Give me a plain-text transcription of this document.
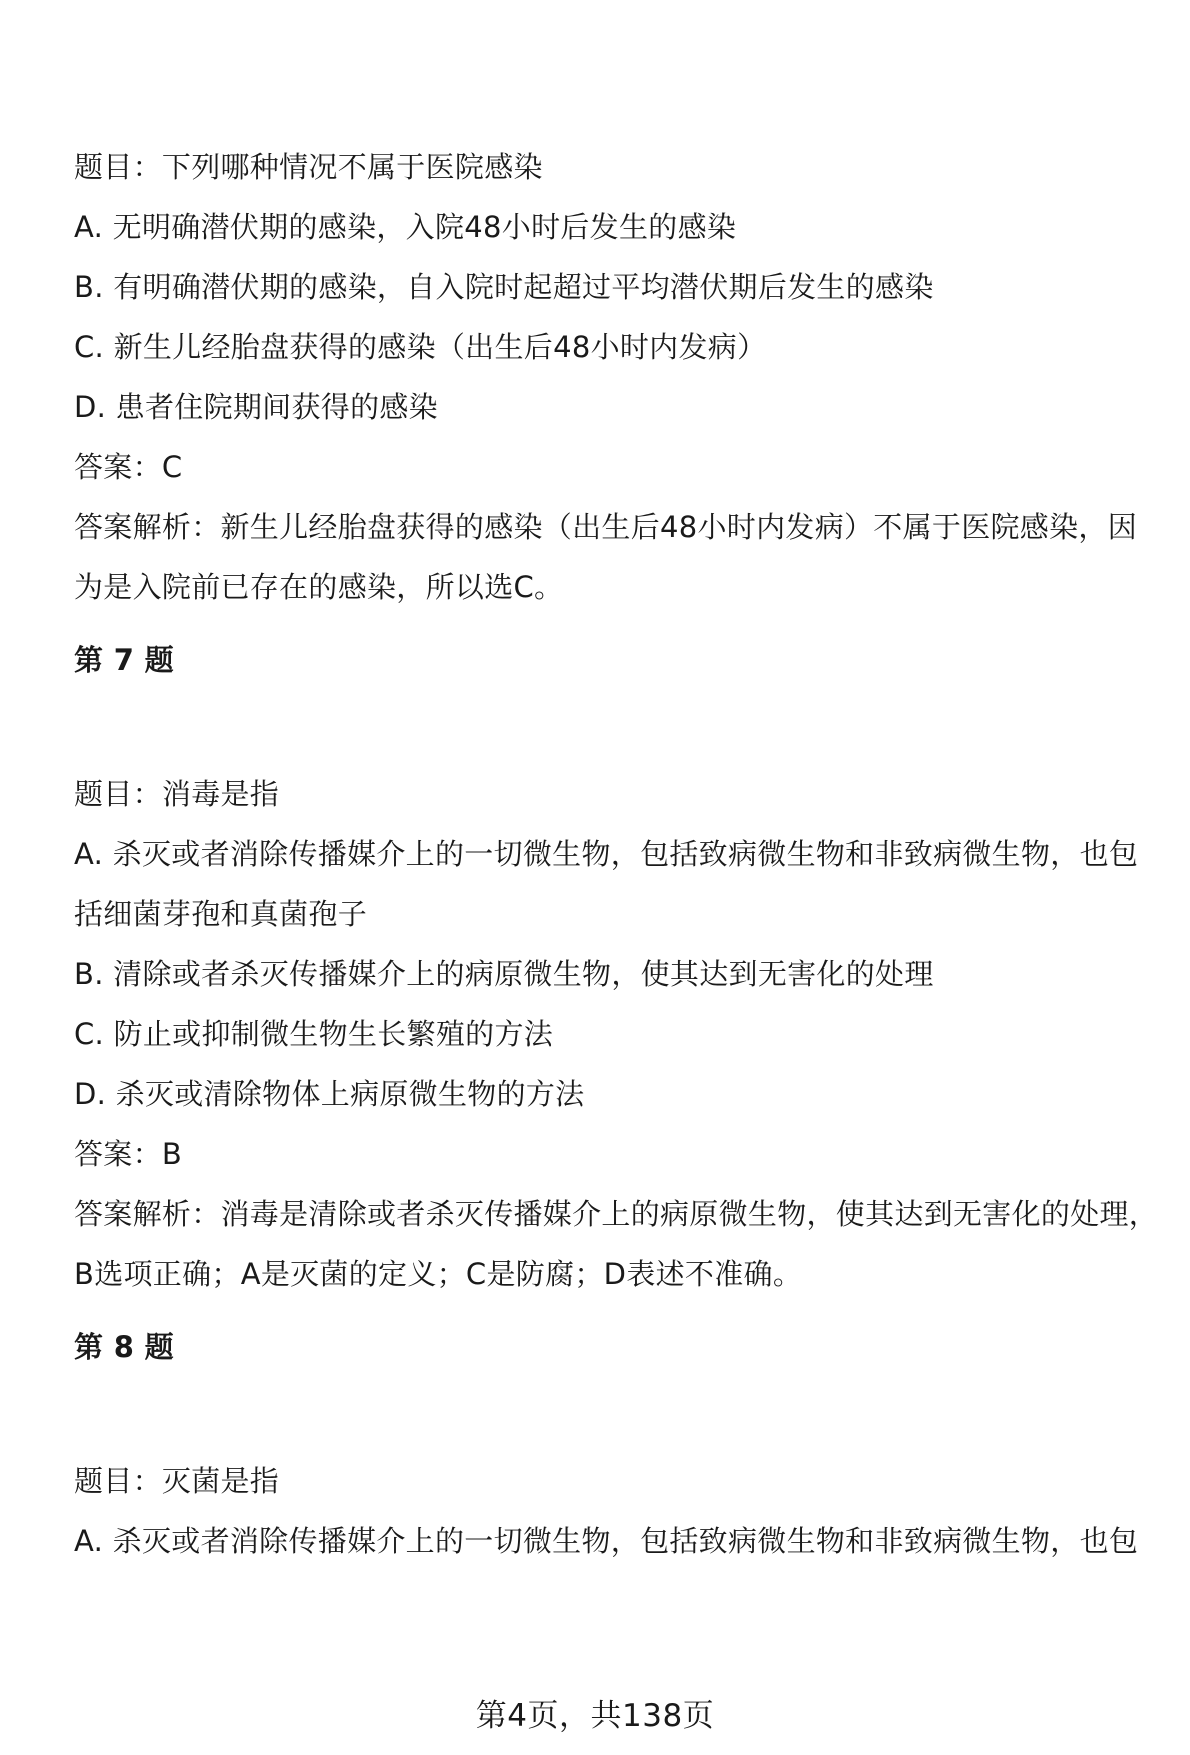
题目：下列哪种情况不属于医院感染
A. 无明确潜伏期的感染，入院48小时后发生的感染
B. 有明确潜伏期的感染，自入院时起超过平均潜伏期后发生的感染
C. 新生儿经胎盘获得的感染（出生后48小时内发病）
D. 患者住院期间获得的感染
答案：C
答案解析：新生儿经胎盘获得的感染（出生后48小时内发病）不属于医院感染，因为是入院前已存在的感染，所以选C。
第 7 题
题目：消毒是指
A. 杀灭或者消除传播媒介上的一切微生物，包括致病微生物和非致病微生物，也包括细菌芽孢和真菌孢子
B. 清除或者杀灭传播媒介上的病原微生物，使其达到无害化的处理
C. 防止或抑制微生物生长繁殖的方法
D. 杀灭或清除物体上病原微生物的方法
答案：B
答案解析：消毒是清除或者杀灭传播媒介上的病原微生物，使其达到无害化的处理，B选项正确；A是灭菌的定义；C是防腐；D表述不准确。
第 8 题
题目：灭菌是指
A. 杀灭或者消除传播媒介上的一切微生物，包括致病微生物和非致病微生物，也包
第4页，共138页
